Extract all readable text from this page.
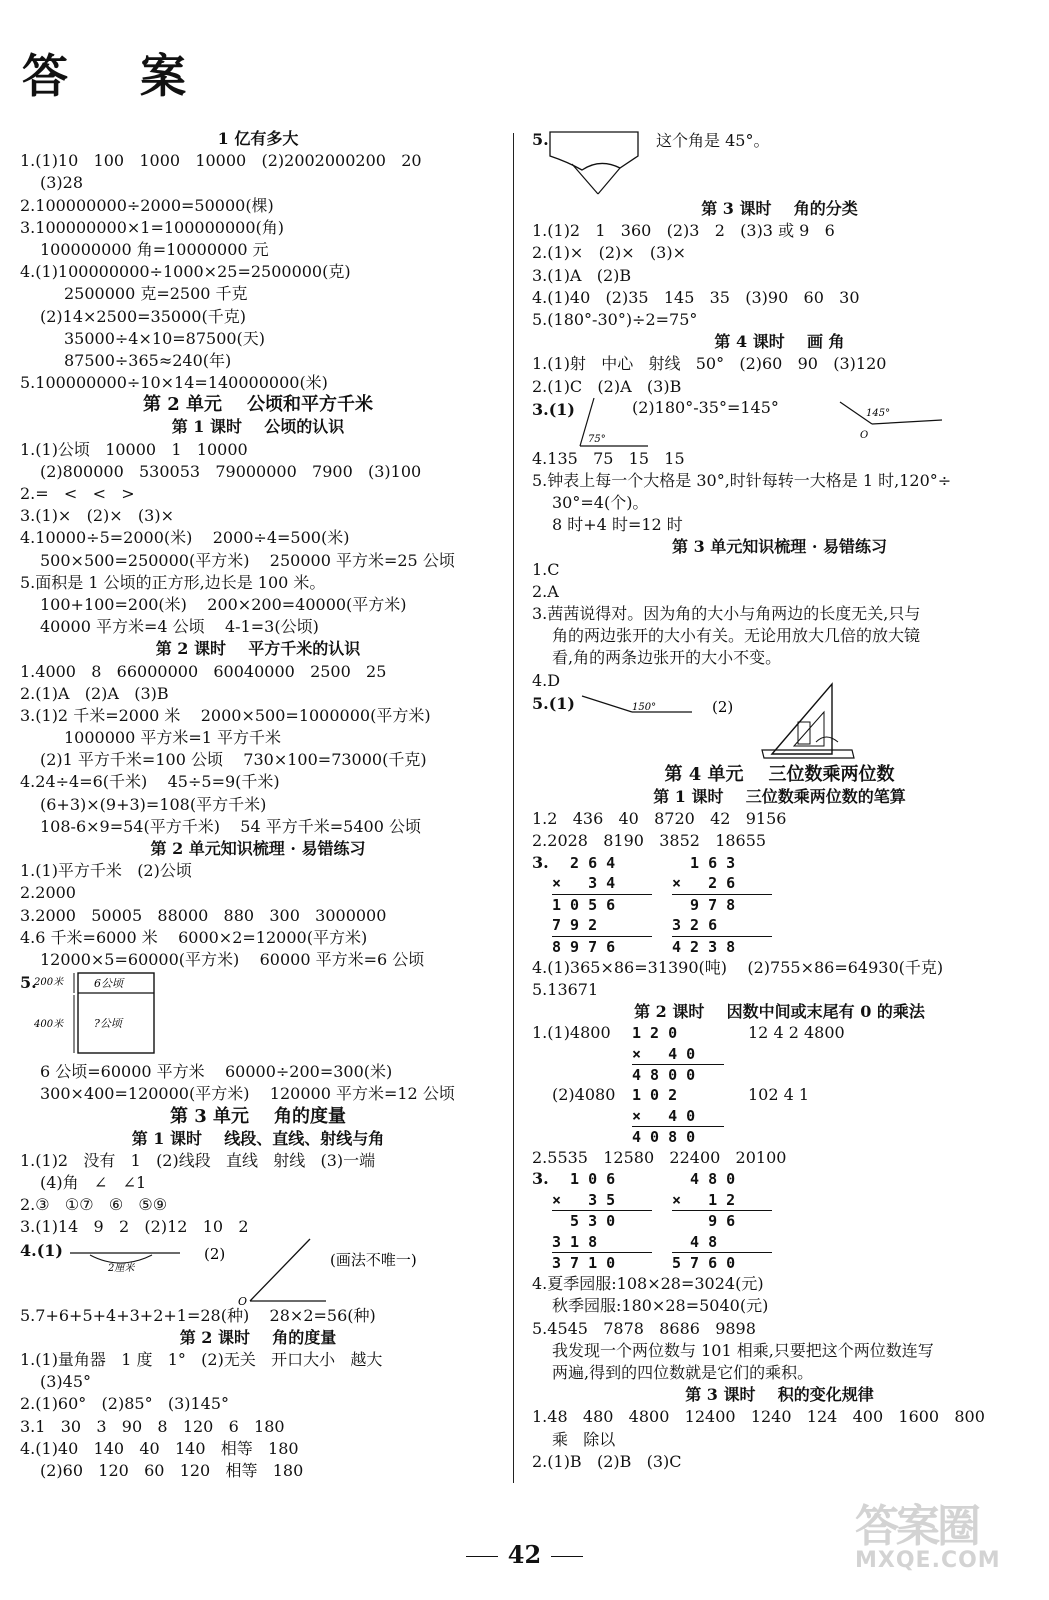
答 案
1 亿有多大
1.(1)10   100   1000   10000   (2)2002000200   20
(3)28
2.100000000÷2000=50000(棵)
3.100000000×1=100000000(角)
100000000 角=10000000 元
4.(1)100000000÷1000×25=2500000(克)
2500000 克=2500 千克
(2)14×2500=35000(千克)
35000÷4×10=87500(天)
87500÷365≈240(年)
5.100000000÷10×14=140000000(米)
第 2 单元    公顷和平方千米
第 1 课时    公顷的认识
1.(1)公顷   10000   1   10000
(2)800000   530053   79000000   7900   (3)100
2.=   <   <   >
3.(1)×   (2)×   (3)×
4.10000÷5=2000(米)    2000÷4=500(米)
500×500=250000(平方米)    250000 平方米=25 公顷
5.面积是 1 公顷的正方形,边长是 100 米。
100+100=200(米)    200×200=40000(平方米)
40000 平方米=4 公顷    4-1=3(公顷)
第 2 课时    平方千米的认识
1.4000   8   66000000   60040000   2500   25
2.(1)A   (2)A   (3)B
3.(1)2 千米=2000 米    2000×500=1000000(平方米)
1000000 平方米=1 平方千米
(2)1 平方千米=100 公顷    730×100=73000(千克)
4.24÷4=6(千米)    45÷5=9(千米)
(6+3)×(9+3)=108(平方千米)
108-6×9=54(平方千米)    54 平方千米=5400 公顷
第 2 单元知识梳理 · 易错练习
1.(1)平方千米   (2)公顷
2.2000
3.2000   50005   88000   880   300   3000000
4.6 千米=6000 米    6000×2=12000(平方米)
12000×5=60000(平方米)    60000 平方米=6 公顷
5.
200米
400米
6公顷
?公顷
6 公顷=60000 平方米    60000÷200=300(米)
300×400=120000(平方米)    120000 平方米=12 公顷
第 3 单元    角的度量
第 1 课时    线段、直线、射线与角
1.(1)2   没有   1   (2)线段   直线   射线   (3)一端
(4)角   ∠   ∠1
2.③   ①⑦   ⑥   ⑤⑨
3.(1)14   9   2   (2)12   10   2
4.(1)
2厘米
(2)
O
(画法不唯一)
5.7+6+5+4+3+2+1=28(种)    28×2=56(种)
第 2 课时    角的度量
1.(1)量角器   1 度   1°   (2)无关   开口大小   越大
(3)45°
2.(1)60°   (2)85°   (3)145°
3.1   30   3   90   8   120   6   180
4.(1)40   140   40   140   相等   180
(2)60   120   60   120   相等   180
5.	这个角是 45°。
第 3 课时    角的分类
1.(1)2   1   360   (2)3   2   (3)3 或 9   6
2.(1)×   (2)×   (3)×
3.(1)A   (2)B
4.(1)40   (2)35   145   35   (3)90   60   30
5.(180°-30°)÷2=75°
第 4 课时    画 角
1.(1)射   中心   射线   50°   (2)60   90   (3)120
2.(1)C   (2)A   (3)B
3.(1)
75°
145°
O
(2)180°-35°=145°
4.135   75   15   15
5.钟表上每一个大格是 30°,时针每转一大格是 1 时,120°÷
30°=4(个)。
8 时+4 时=12 时
第 3 单元知识梳理 · 易错练习
1.C
2.A
3.茜茜说得对。因为角的大小与角两边的长度无关,只与
角的两边张开的大小有关。无论用放大几倍的放大镜
看,角的两条边张开的大小不变。
4.D
5.(1)	150°	(2)
第 4 单元    三位数乘两位数
第 1 课时    三位数乘两位数的笔算
1.2   436   40   8720   42   9156
2.2028   8190   3852   18655
3. 2 6 4
×   3 4
1 0 5 6
7 9 2
8 9 7 6
1 6 3
×   2 6
9 7 8
3 2 6
4 2 3 8
4.(1)365×86=31390(吨)    (2)755×86=64930(千克)
5.13671
第 2 课时    因数中间或末尾有 0 的乘法
1.(1)4800 1 2 0
×   4 0
4 8 0 0
12 4 2 4800
(2)4080 1 0 2
×   4 0
4 0 8 0
102 4 1
2.5535   12580   22400   20100
3. 1 0 6
×   3 5
5 3 0
3 1 8
3 7 1 0
4 8 0
×   1 2
9 6
4 8
5 7 6 0
4.夏季园服:108×28=3024(元)
秋季园服:180×28=5040(元)
5.4545   7878   8686   9898
我发现一个两位数与 101 相乘,只要把这个两位数连写
两遍,得到的四位数就是它们的乘积。
第 3 课时    积的变化规律
1.48   480   4800   12400   1240   124   400   1600   800
乘   除以
2.(1)B   (2)B   (3)C
42
答案圈
MXQE.COM
